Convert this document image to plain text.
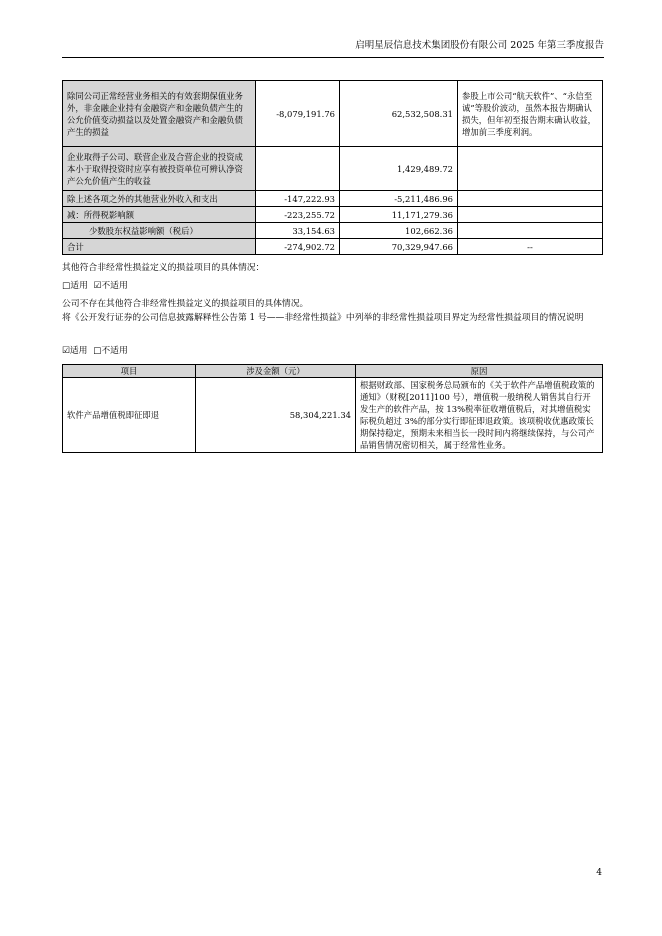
启明星辰信息技术集团股份有限公司 2025 年第三季度报告
除同公司正常经营业务相关的有效套期保值业务外，非金融企业持有金融资产和金融负债产生的公允价值变动损益以及处置金融资产和金融负债产生的损益	-8,079,191.76	62,532,508.31	参股上市公司“航天软件”、“永信至诚”等股价波动，虽然本报告期确认损失，但年初至报告期末确认收益，增加前三季度利润。
企业取得子公司、联营企业及合营企业的投资成本小于取得投资时应享有被投资单位可辨认净资产公允价值产生的收益		1,429,489.72	
除上述各项之外的其他营业外收入和支出	-147,222.93	-5,211,486.96	
减：所得税影响额	-223,255.72	11,171,279.36	
少数股东权益影响额（税后）	33,154.63	102,662.36	
合计	-274,902.72	70,329,947.66	--
其他符合非经常性损益定义的损益项目的具体情况：
□适用 ☑不适用
公司不存在其他符合非经常性损益定义的损益项目的具体情况。
将《公开发行证券的公司信息披露解释性公告第 1 号——非经常性损益》中列举的非经常性损益项目界定为经常性损益项目的情况说明
☑适用 □不适用
项目	涉及金额（元）	原因
软件产品增值税即征即退	58,304,221.34	根据财政部、国家税务总局颁布的《关于软件产品增值税政策的通知》（财税[2011]100 号），增值税一般纳税人销售其自行开发生产的软件产品，按 13%税率征收增值税后，对其增值税实际税负超过 3%的部分实行即征即退政策。该项税收优惠政策长期保持稳定，预期未来相当长一段时间内将继续保持，与公司产品销售情况密切相关，属于经常性业务。
4
